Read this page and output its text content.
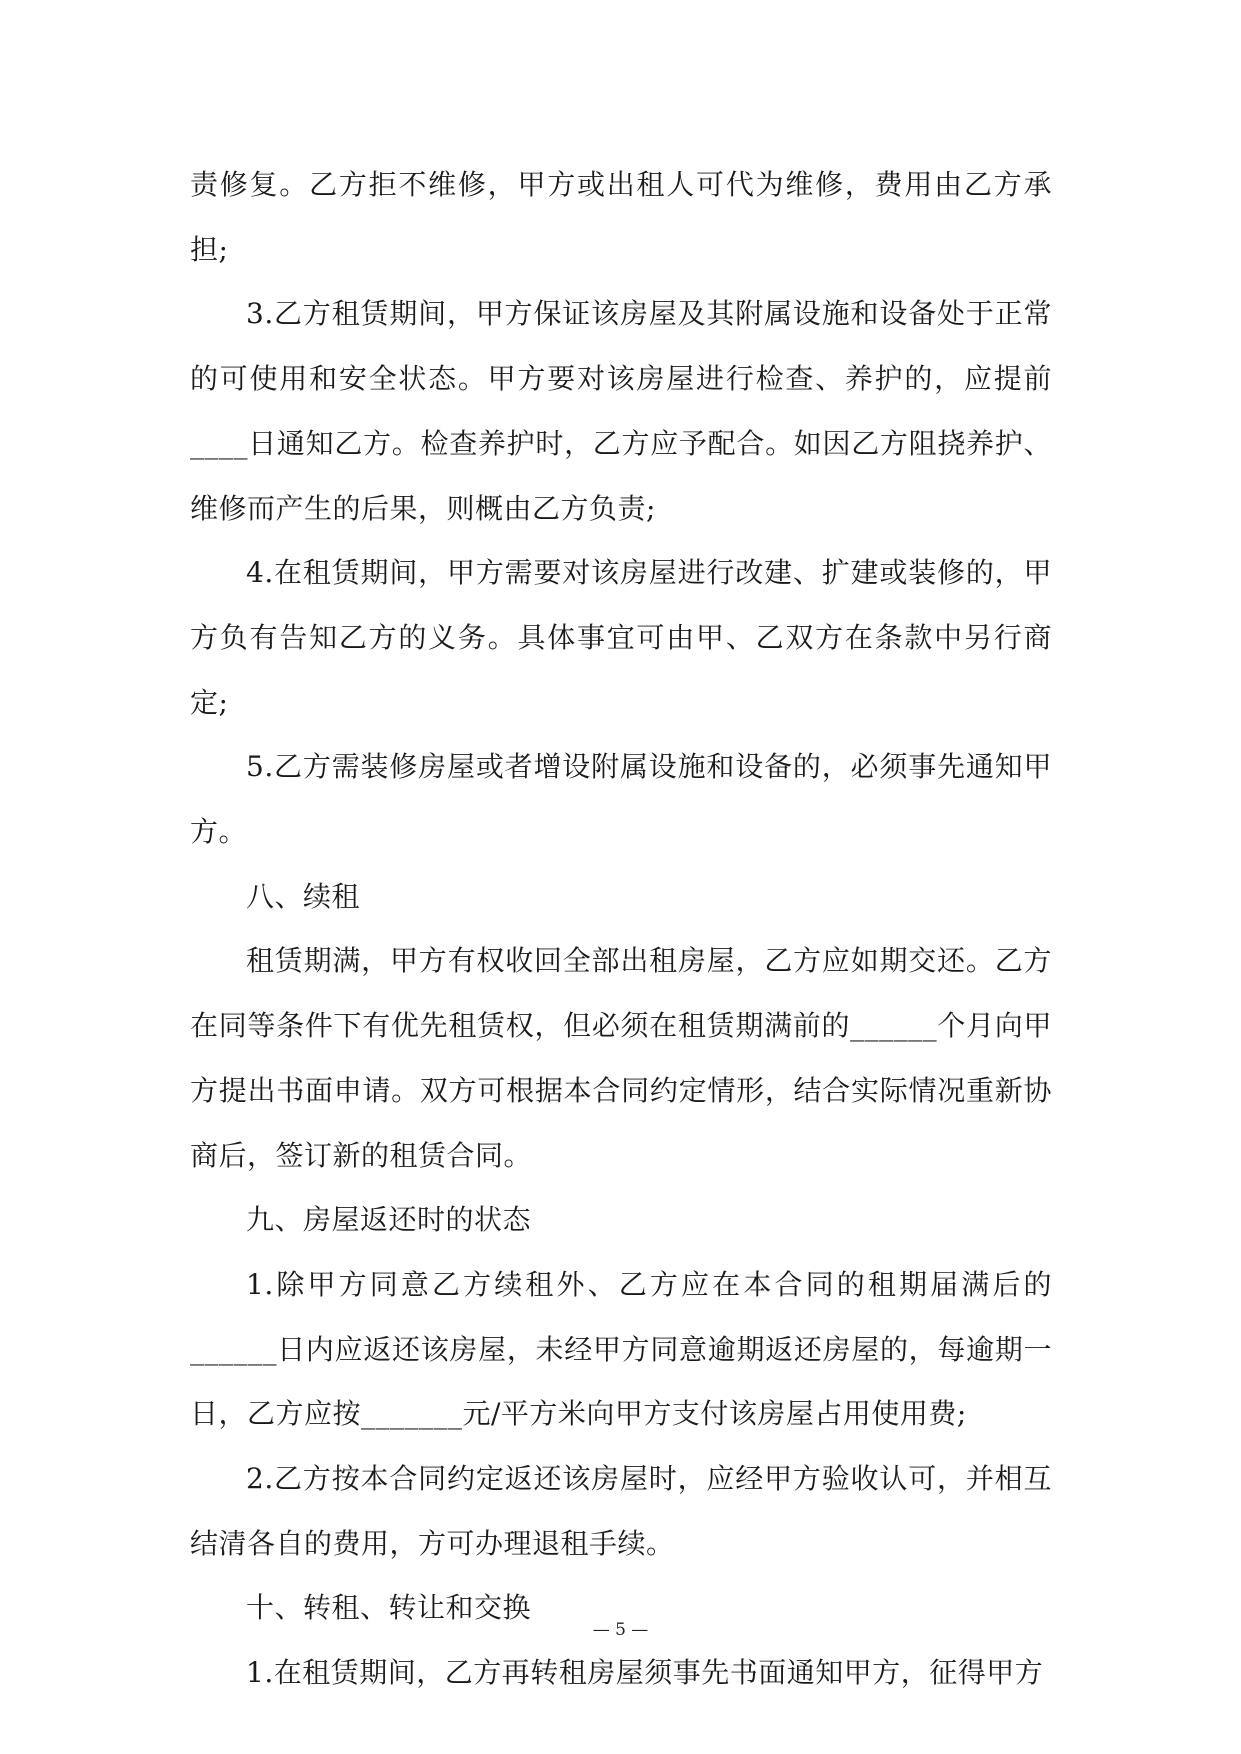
责修复。乙方拒不维修，甲方或出租人可代为维修，费用由乙方承担;

3.乙方租赁期间，甲方保证该房屋及其附属设施和设备处于正常的可使用和安全状态。甲方要对该房屋进行检查、养护的，应提前____日通知乙方。检查养护时，乙方应予配合。如因乙方阻挠养护、维修而产生的后果，则概由乙方负责;

4.在租赁期间，甲方需要对该房屋进行改建、扩建或装修的，甲方负有告知乙方的义务。具体事宜可由甲、乙双方在条款中另行商定;

5.乙方需装修房屋或者增设附属设施和设备的，必须事先通知甲方。

八、续租

租赁期满，甲方有权收回全部出租房屋，乙方应如期交还。乙方在同等条件下有优先租赁权，但必须在租赁期满前的______个月向甲方提出书面申请。双方可根据本合同约定情形，结合实际情况重新协商后，签订新的租赁合同。

九、房屋返还时的状态

1.除甲方同意乙方续租外、乙方应在本合同的租期届满后的______日内应返还该房屋，未经甲方同意逾期返还房屋的，每逾期一日，乙方应按_______元/平方米向甲方支付该房屋占用使用费;

2.乙方按本合同约定返还该房屋时，应经甲方验收认可，并相互结清各自的费用，方可办理退租手续。

十、转租、转让和交换

1.在租赁期间，乙方再转租房屋须事先书面通知甲方，征得甲方

— 5 —
